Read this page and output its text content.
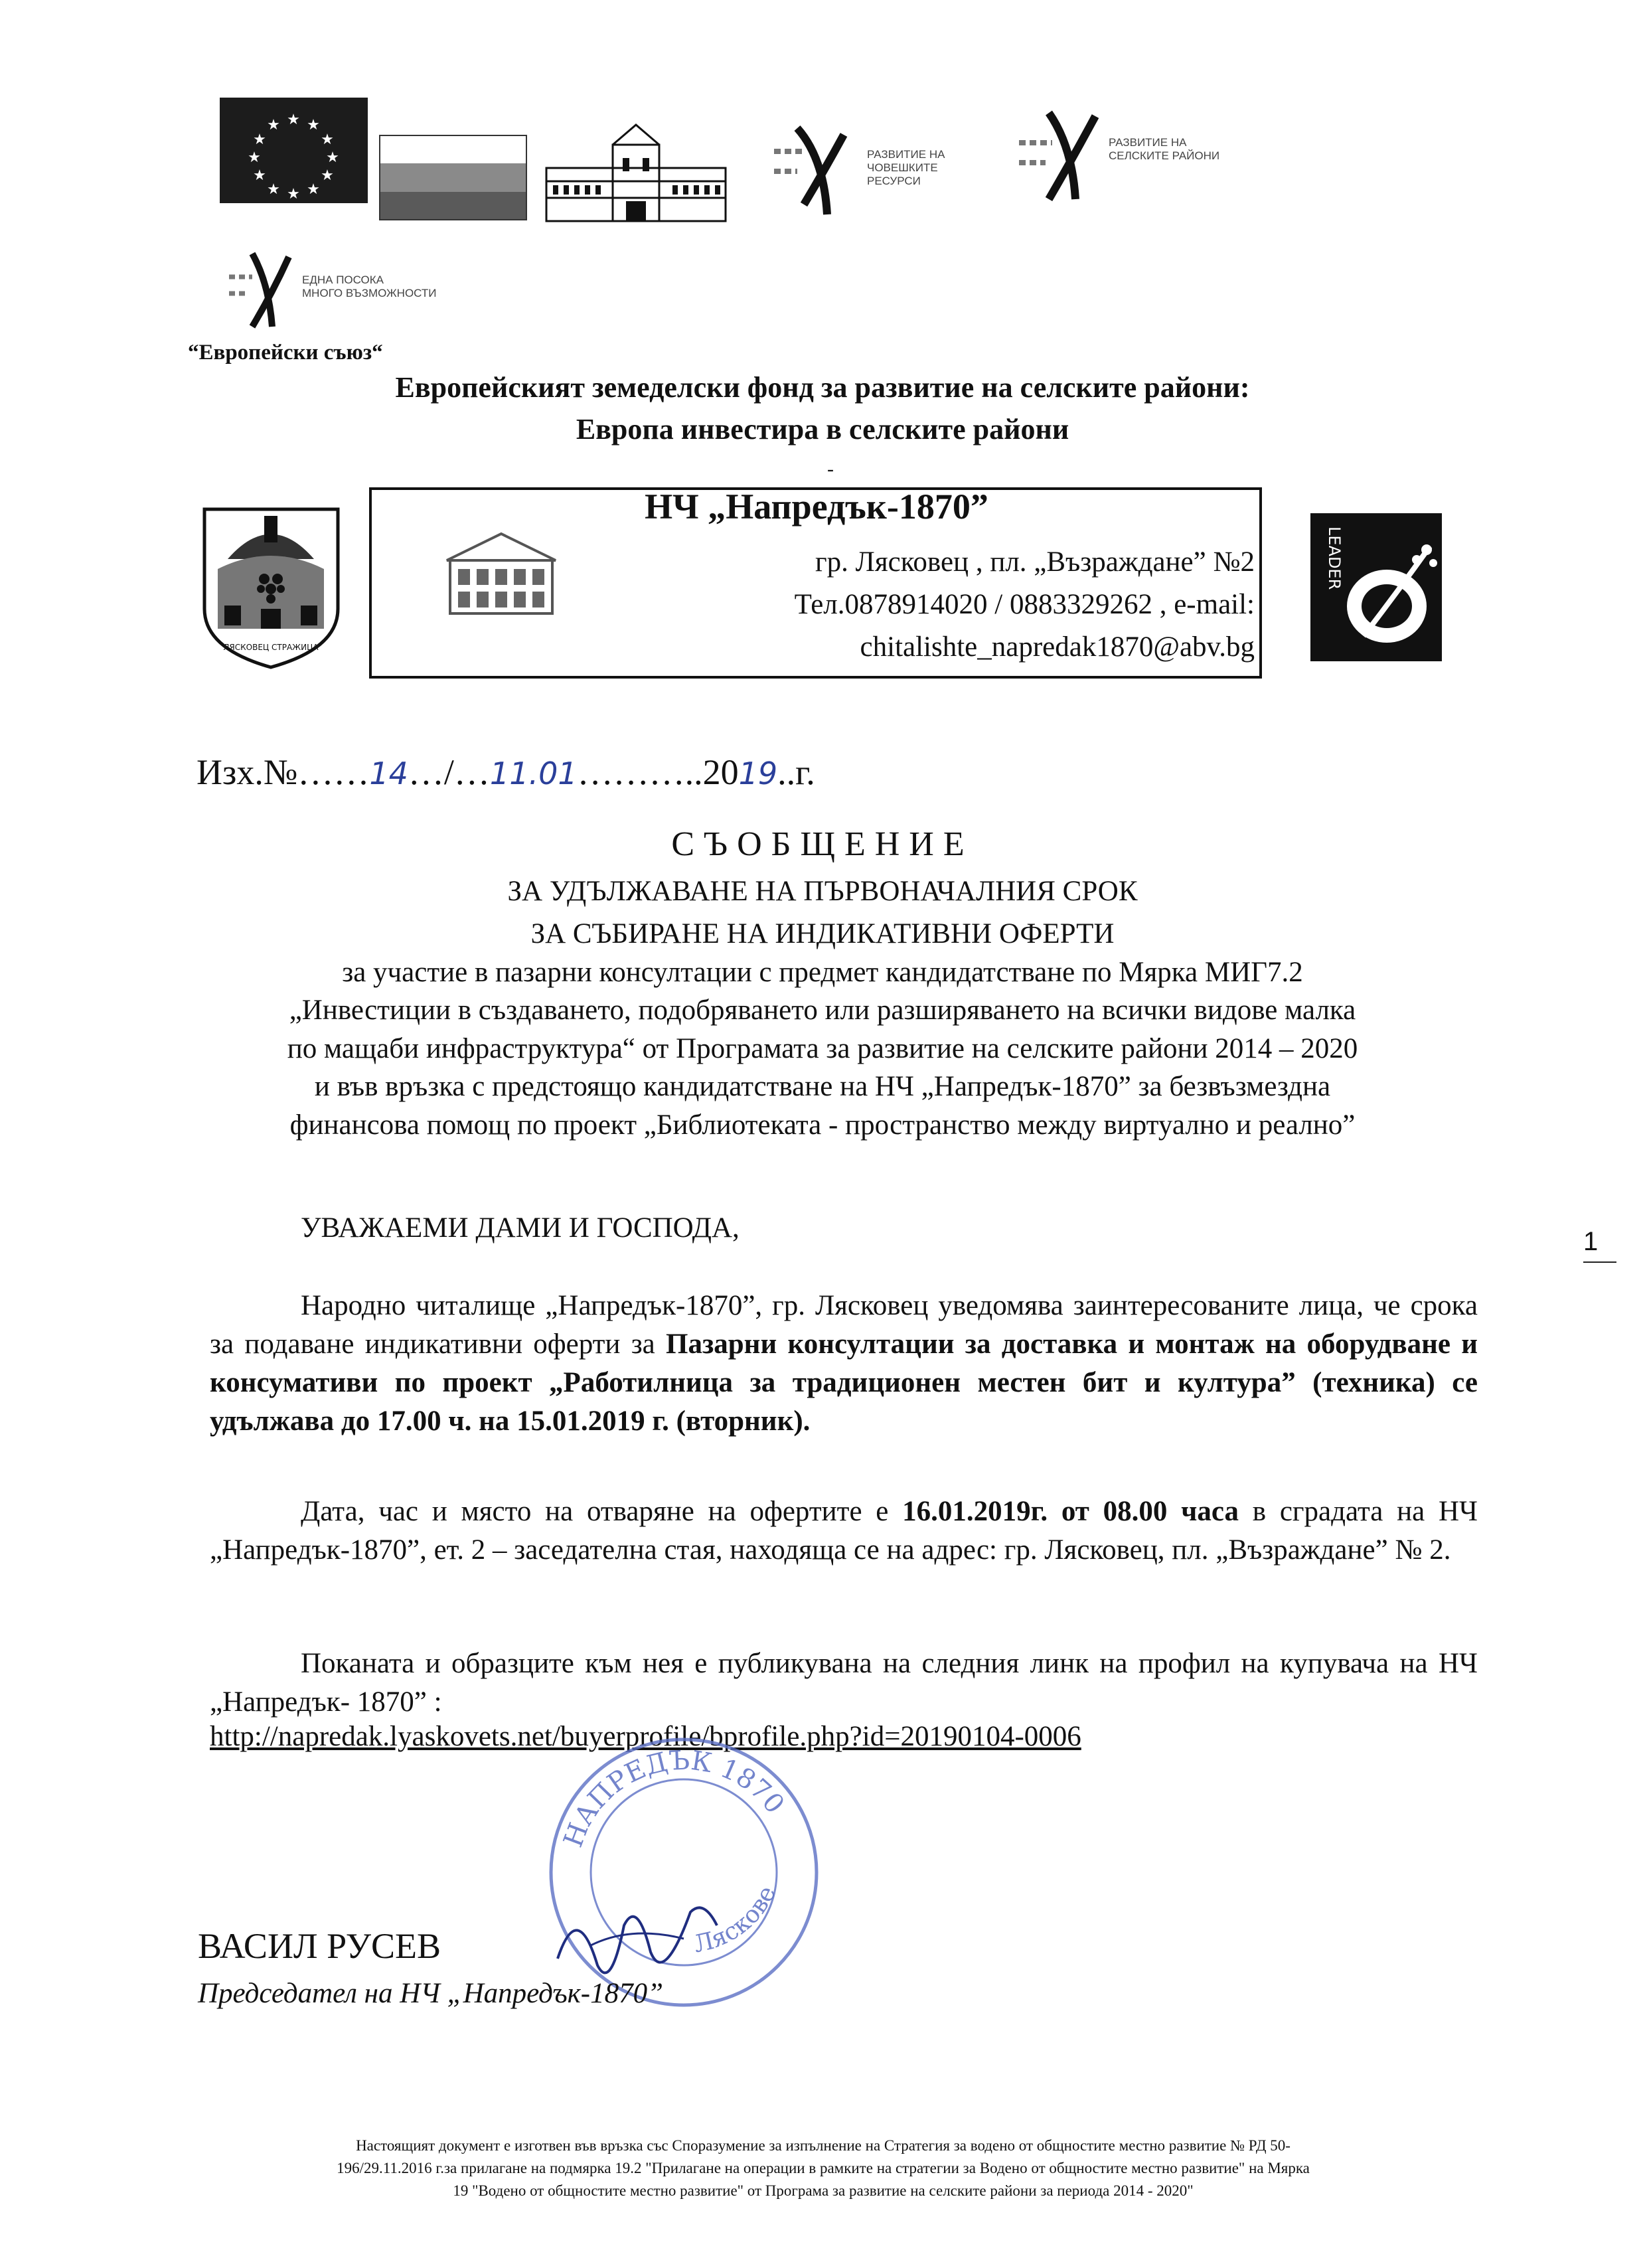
★ ★
★
★
★
★
★
★
★
★
★
★
РАЗВИТИЕ НА
ЧОВЕШКИТЕ РЕСУРСИ
РАЗВИТИЕ НА
СЕЛСКИТЕ РАЙОНИ
ЕДНА ПОСОКА
МНОГО ВЪЗМОЖНОСТИ
“Европейски съюз“
Европейският земеделски фонд за развитие на селските райони:
Европа инвестира в селските райони
-
ЛЯСКОВЕЦ СТРАЖИЦА
НЧ „Напредък-1870”
гр. Лясковец , пл. „Възраждане” №2
Тел.0878914020 / 0883329262 , e-mail:
chitalishte_napredak1870@abv.bg
LEADER
Изх.№……14…/…11.01………..2019..г.
СЪОБЩЕНИЕ
ЗА УДЪЛЖАВАНЕ НА ПЪРВОНАЧАЛНИЯ СРОК
ЗА СЪБИРАНЕ НА ИНДИКАТИВНИ ОФЕРТИ
за участие в пазарни консултации с предмет кандидатстване по Мярка МИГ7.2
„Инвестиции в създаването, подобряването или разширяването на всички видове малка
по мащаби инфраструктура“ от Програмата за развитие на селските райони 2014 – 2020
и във връзка с предстоящо кандидатстване на НЧ „Напредък-1870” за безвъзмездна
финансова помощ по проект „Библиотеката - пространство между виртуално и реално”
УВАЖАЕМИ ДАМИ И ГОСПОДА,
Народно читалище „Напредък-1870”, гр. Лясковец уведомява заинтересованите лица, че срока за подаване индикативни оферти за Пазарни консултации за доставка и монтаж на оборудване и консумативи по проект „Работилница за традиционен местен бит и култура” (техника) се удължава до 17.00 ч. на 15.01.2019 г. (вторник).
Дата, час и място на отваряне на офертите е 16.01.2019г. от 08.00 часа в сградата на НЧ „Напредък-1870”, ет. 2 – заседателна стая, находяща се на адрес: гр. Лясковец, пл. „Възраждане” № 2.
Поканата и образците към нея е публикувана на следния линк на профил на купувача на НЧ „Напредък- 1870” :
http://napredak.lyaskovets.net/buyerprofile/bprofile.php?id=20190104-0006
1
НАПРЕДЪК 1870
Ляскове
ВАСИЛ РУСЕВ
Председател на НЧ „Напредък-1870”
Настоящият документ е изготвен във връзка със Споразумение за изпълнение на Стратегия за водено от общностите местно развитие № РД 50-
196/29.11.2016 г.за прилагане на подмярка 19.2 "Прилагане на операции в рамките на стратегии за Водено от общностите местно развитие" на Мярка
19 "Водено от общностите местно развитие" от Програма за развитие на селските райони за периода 2014 - 2020"
